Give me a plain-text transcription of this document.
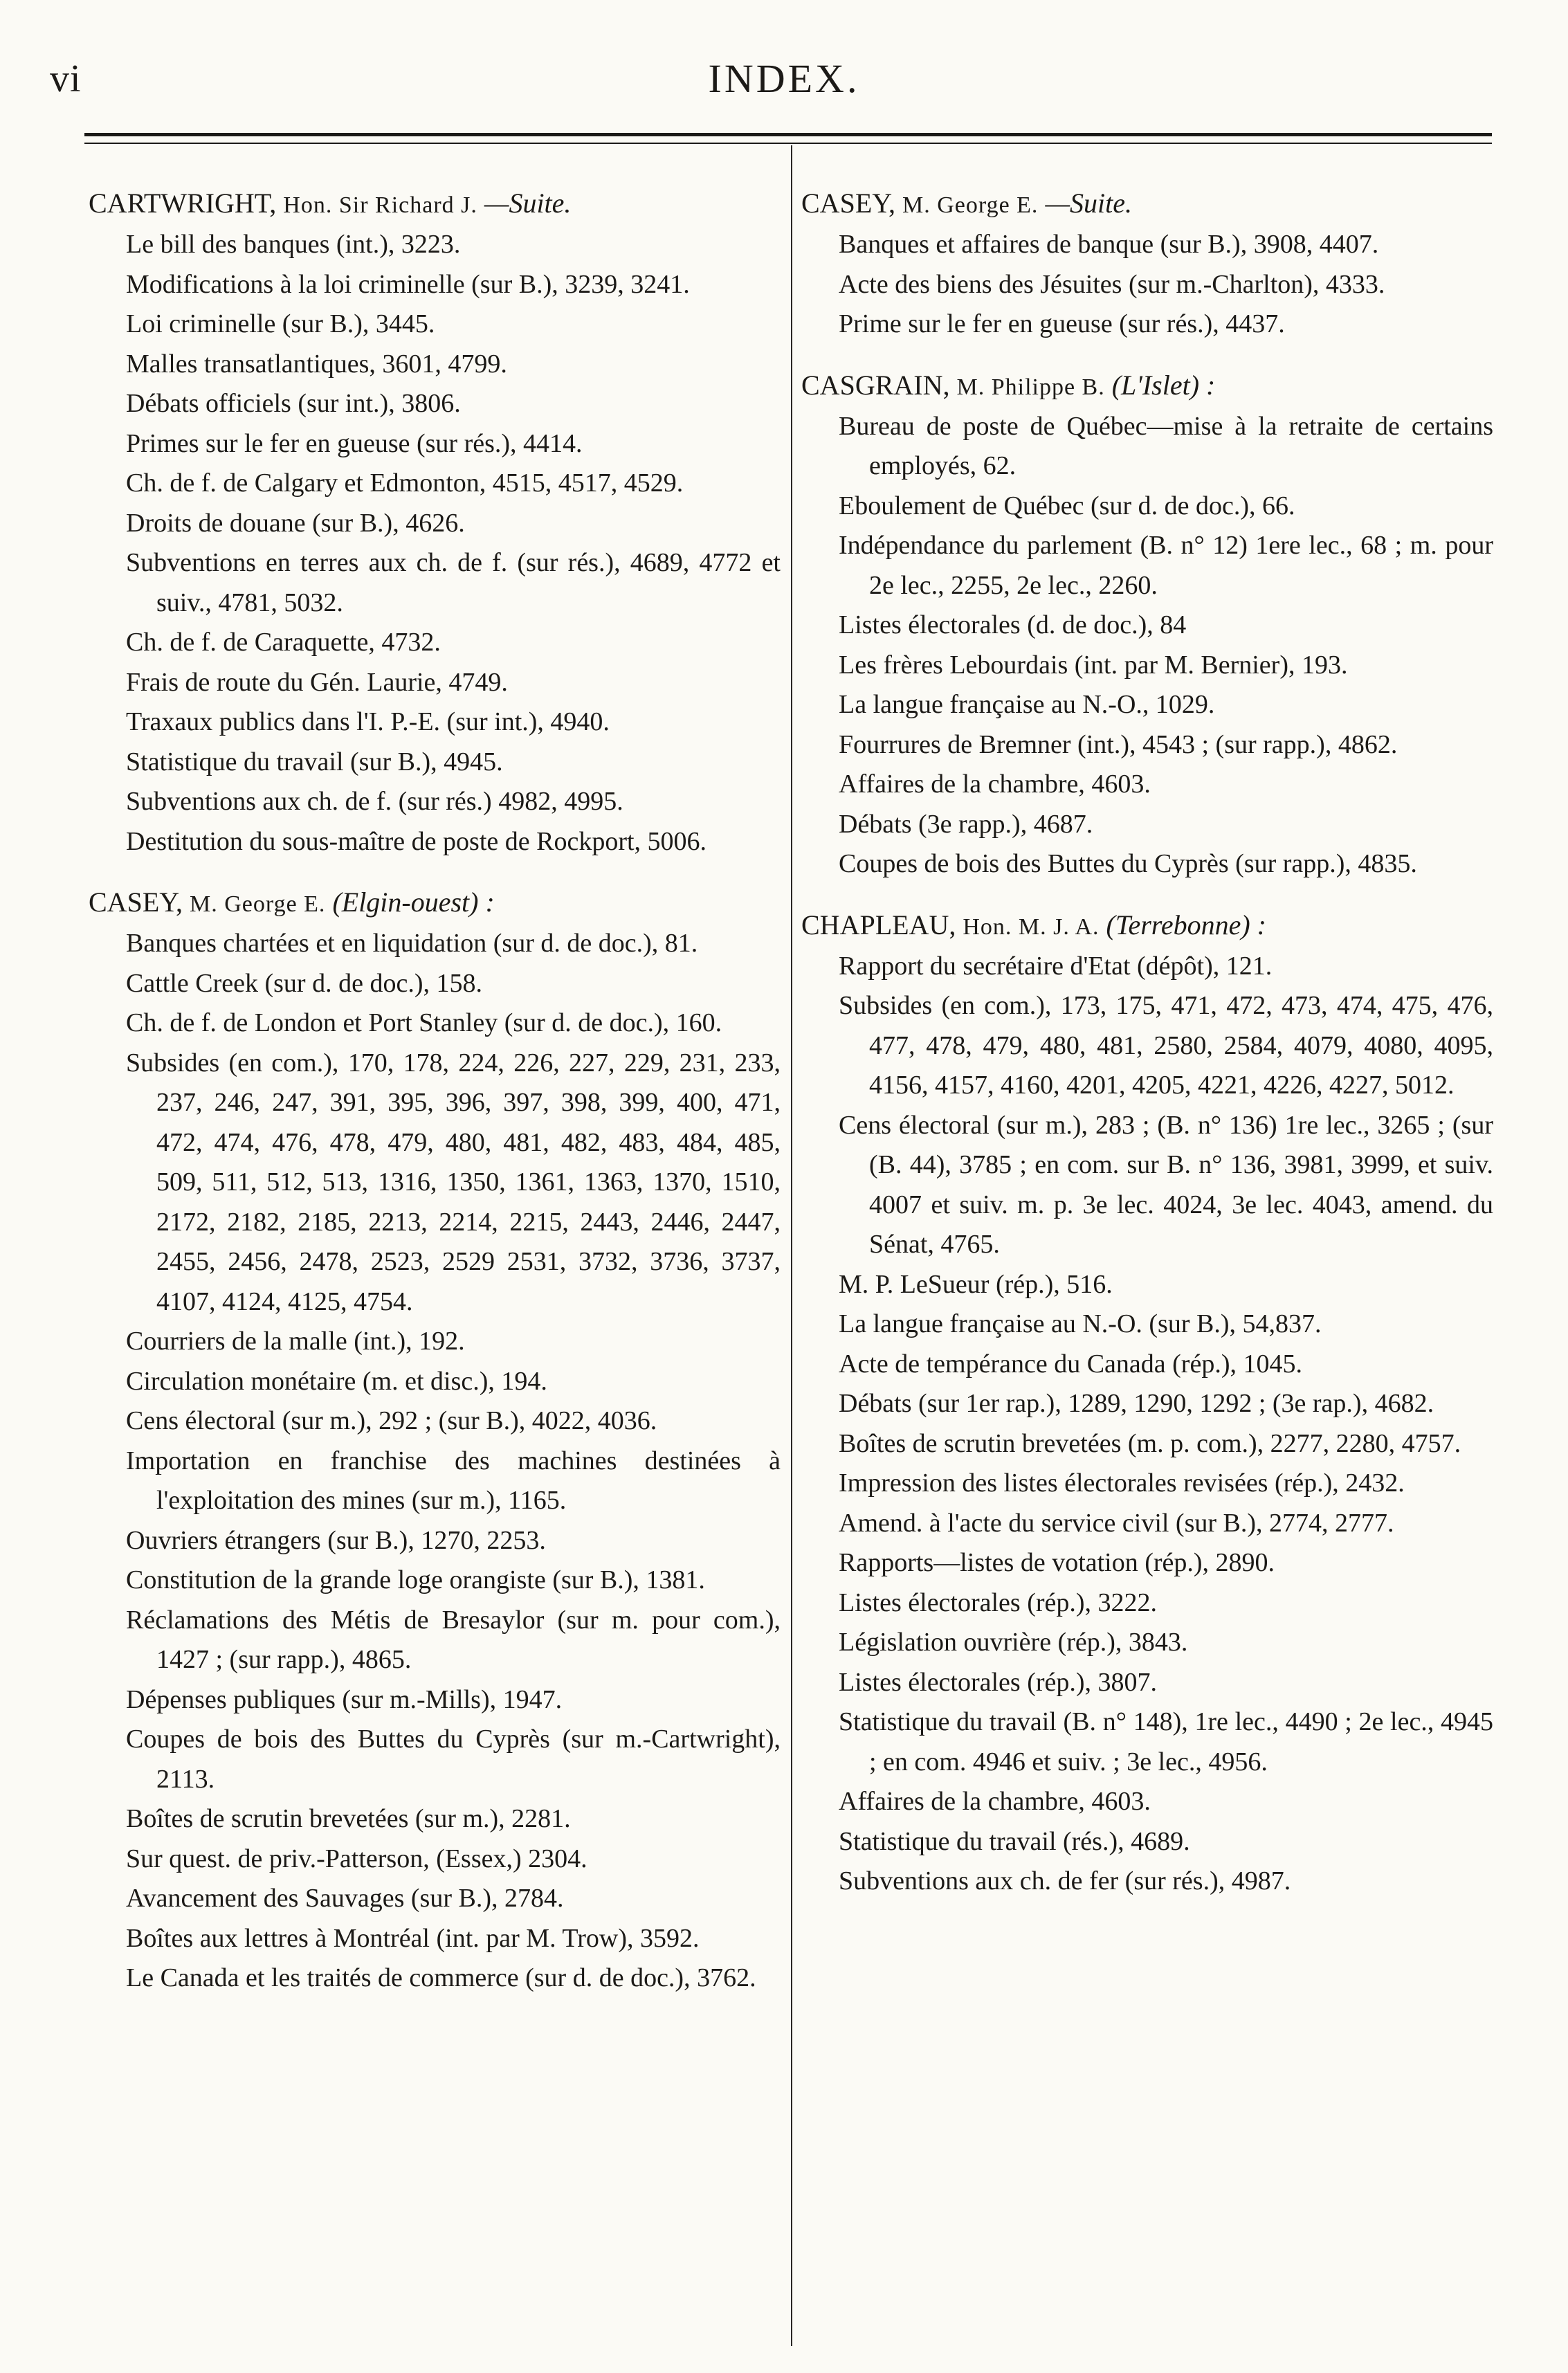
vi	INDEX.
CARTWRIGHT, Hon. Sir Richard J. —Suite.
Le bill des banques (int.), 3223.
Modifications à la loi criminelle (sur B.), 3239, 3241.
Loi criminelle (sur B.), 3445.
Malles transatlantiques, 3601, 4799.
Débats officiels (sur int.), 3806.
Primes sur le fer en gueuse (sur rés.), 4414.
Ch. de f. de Calgary et Edmonton, 4515, 4517, 4529.
Droits de douane (sur B.), 4626.
Subventions en terres aux ch. de f. (sur rés.), 4689, 4772 et suiv., 4781, 5032.
Ch. de f. de Caraquette, 4732.
Frais de route du Gén. Laurie, 4749.
Traxaux publics dans l'I. P.-E. (sur int.), 4940.
Statistique du travail (sur B.), 4945.
Subventions aux ch. de f. (sur rés.) 4982, 4995.
Destitution du sous-maître de poste de Rockport, 5006.
CASEY, M. George E. (Elgin-ouest) :
Banques chartées et en liquidation (sur d. de doc.), 81.
Cattle Creek (sur d. de doc.), 158.
Ch. de f. de London et Port Stanley (sur d. de doc.), 160.
Subsides (en com.), 170, 178, 224, 226, 227, 229, 231, 233, 237, 246, 247, 391, 395, 396, 397, 398, 399, 400, 471, 472, 474, 476, 478, 479, 480, 481, 482, 483, 484, 485, 509, 511, 512, 513, 1316, 1350, 1361, 1363, 1370, 1510, 2172, 2182, 2185, 2213, 2214, 2215, 2443, 2446, 2447, 2455, 2456, 2478, 2523, 2529 2531, 3732, 3736, 3737, 4107, 4124, 4125, 4754.
Courriers de la malle (int.), 192.
Circulation monétaire (m. et disc.), 194.
Cens électoral (sur m.), 292 ; (sur B.), 4022, 4036.
Importation en franchise des machines destinées à l'exploitation des mines (sur m.), 1165.
Ouvriers étrangers (sur B.), 1270, 2253.
Constitution de la grande loge orangiste (sur B.), 1381.
Réclamations des Métis de Bresaylor (sur m. pour com.), 1427 ; (sur rapp.), 4865.
Dépenses publiques (sur m.-Mills), 1947.
Coupes de bois des Buttes du Cyprès (sur m.-Cartwright), 2113.
Boîtes de scrutin brevetées (sur m.), 2281.
Sur quest. de priv.-Patterson, (Essex,) 2304.
Avancement des Sauvages (sur B.), 2784.
Boîtes aux lettres à Montréal (int. par M. Trow), 3592.
Le Canada et les traités de commerce (sur d. de doc.), 3762.
CASEY, M. George E. —Suite.
Banques et affaires de banque (sur B.), 3908, 4407.
Acte des biens des Jésuites (sur m.-Charlton), 4333.
Prime sur le fer en gueuse (sur rés.), 4437.
CASGRAIN, M. Philippe B. (L'Islet) :
Bureau de poste de Québec—mise à la retraite de certains employés, 62.
Eboulement de Québec (sur d. de doc.), 66.
Indépendance du parlement (B. n° 12) 1ere lec., 68 ; m. pour 2e lec., 2255, 2e lec., 2260.
Listes électorales (d. de doc.), 84
Les frères Lebourdais (int. par M. Bernier), 193.
La langue française au N.-O., 1029.
Fourrures de Bremner (int.), 4543 ; (sur rapp.), 4862.
Affaires de la chambre, 4603.
Débats (3e rapp.), 4687.
Coupes de bois des Buttes du Cyprès (sur rapp.), 4835.
CHAPLEAU, Hon. M. J. A. (Terrebonne) :
Rapport du secrétaire d'Etat (dépôt), 121.
Subsides (en com.), 173, 175, 471, 472, 473, 474, 475, 476, 477, 478, 479, 480, 481, 2580, 2584, 4079, 4080, 4095, 4156, 4157, 4160, 4201, 4205, 4221, 4226, 4227, 5012.
Cens électoral (sur m.), 283 ; (B. n° 136) 1re lec., 3265 ; (sur (B. 44), 3785 ; en com. sur B. n° 136, 3981, 3999, et suiv. 4007 et suiv. m. p. 3e lec. 4024, 3e lec. 4043, amend. du Sénat, 4765.
M. P. LeSueur (rép.), 516.
La langue française au N.-O. (sur B.), 54,837.
Acte de tempérance du Canada (rép.), 1045.
Débats (sur 1er rap.), 1289, 1290, 1292 ; (3e rap.), 4682.
Boîtes de scrutin brevetées (m. p. com.), 2277, 2280, 4757.
Impression des listes électorales revisées (rép.), 2432.
Amend. à l'acte du service civil (sur B.), 2774, 2777.
Rapports—listes de votation (rép.), 2890.
Listes électorales (rép.), 3222.
Législation ouvrière (rép.), 3843.
Listes électorales (rép.), 3807.
Statistique du travail (B. n° 148), 1re lec., 4490 ; 2e lec., 4945 ; en com. 4946 et suiv. ; 3e lec., 4956.
Affaires de la chambre, 4603.
Statistique du travail (rés.), 4689.
Subventions aux ch. de fer (sur rés.), 4987.
